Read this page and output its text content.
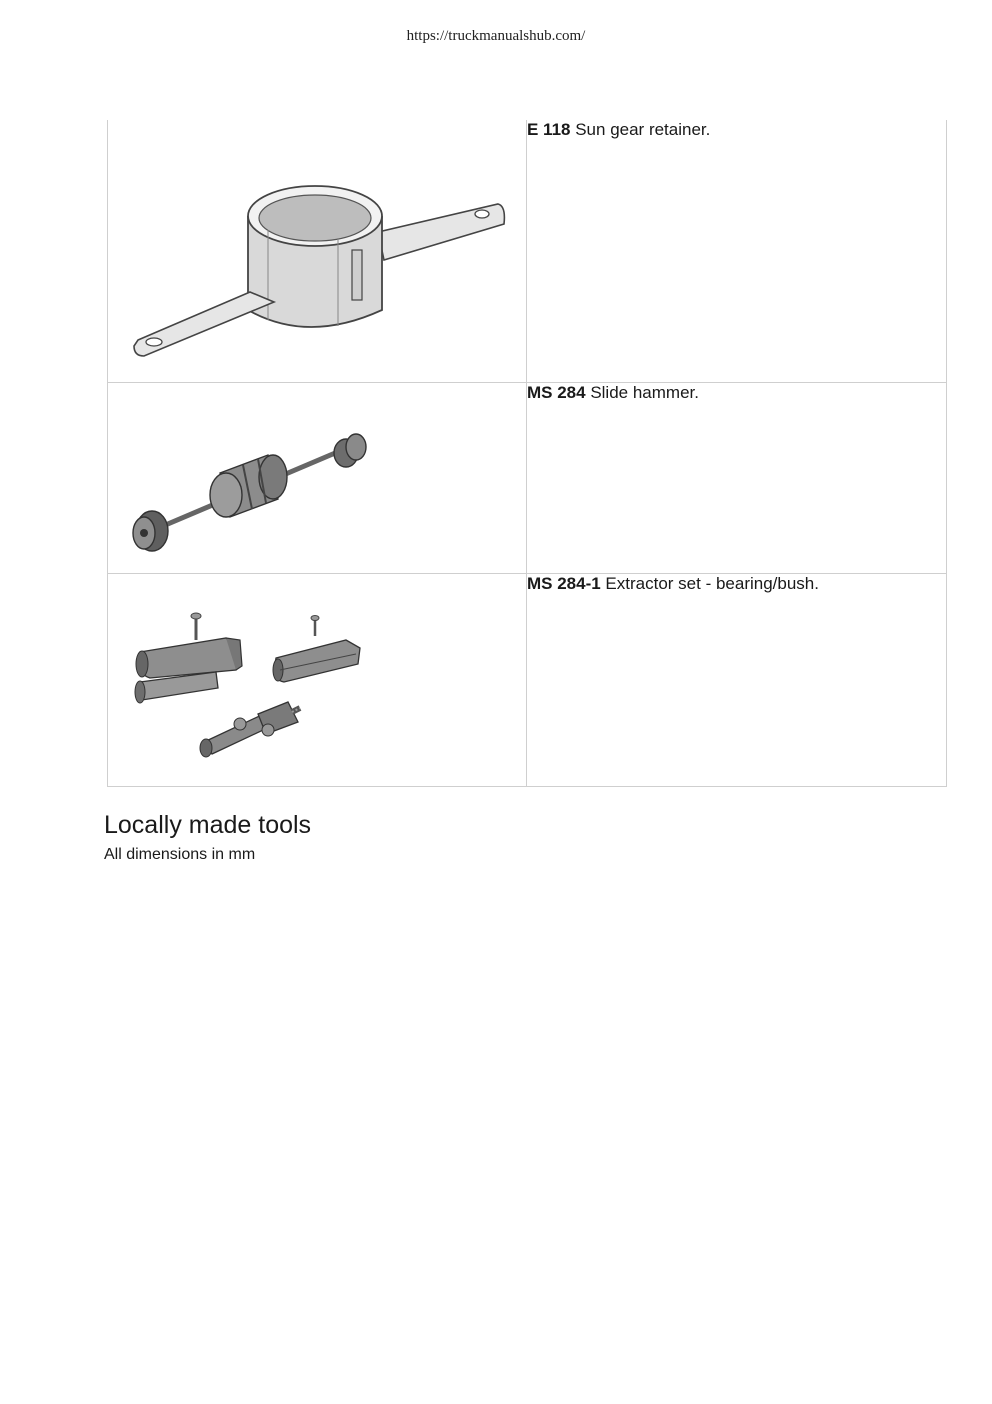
https://truckmanualshub.com/
	E 118 Sun gear retainer.

	MS 284 Slide hammer.

	MS 284-1 Extractor set - bearing/bush.
Locally made tools
All dimensions in mm
